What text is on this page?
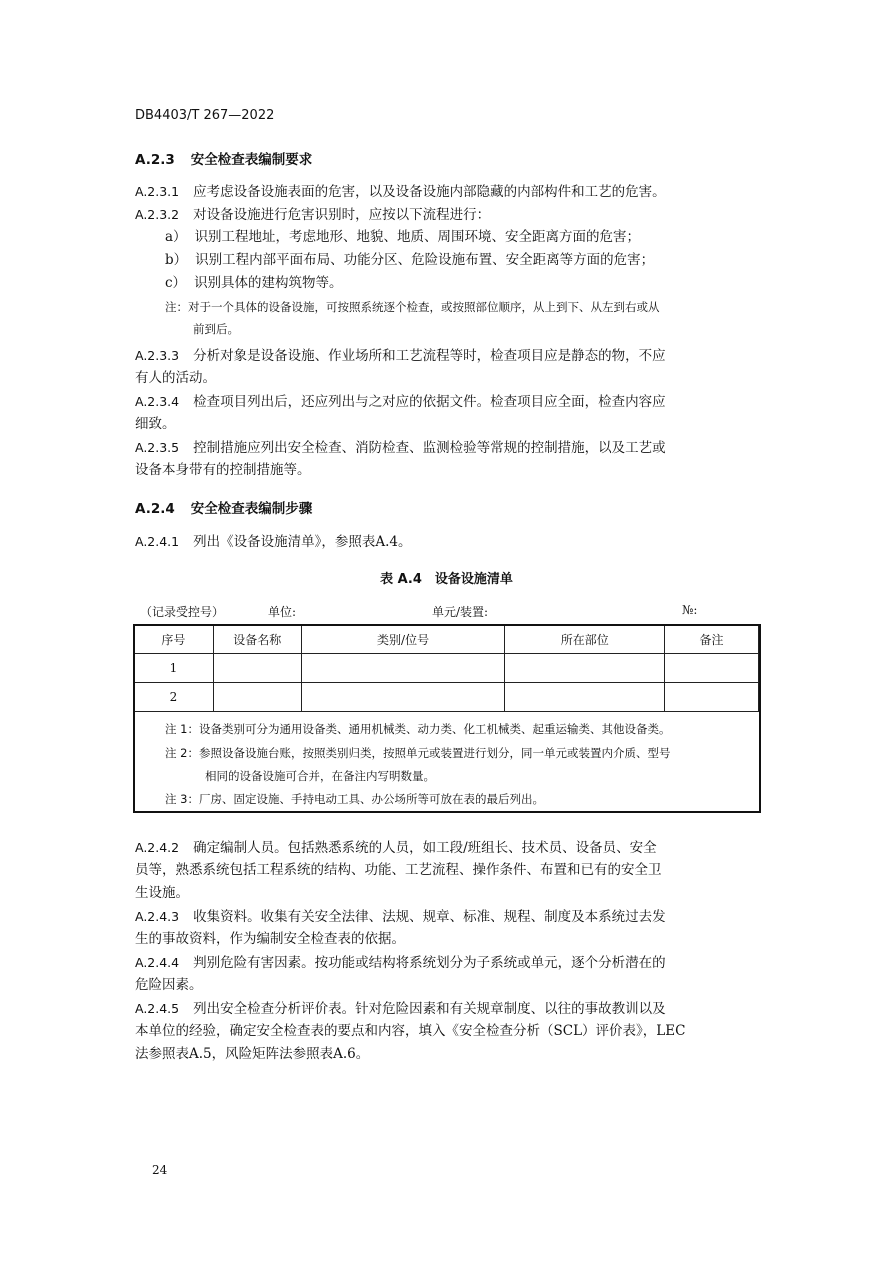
DB4403/T 267—2022
A.2.3 安全检查表编制要求
A.2.3.1 应考虑设备设施表面的危害，以及设备设施内部隐藏的内部构件和工艺的危害。
A.2.3.2 对设备设施进行危害识别时，应按以下流程进行：
a） 识别工程地址，考虑地形、地貌、地质、周围环境、安全距离方面的危害；
b） 识别工程内部平面布局、功能分区、危险设施布置、安全距离等方面的危害；
c） 识别具体的建构筑物等。
注：对于一个具体的设备设施，可按照系统逐个检查，或按照部位顺序，从上到下、从左到右或从
前到后。
A.2.3.3 分析对象是设备设施、作业场所和工艺流程等时，检查项目应是静态的物，不应
有人的活动。
A.2.3.4 检查项目列出后，还应列出与之对应的依据文件。检查项目应全面，检查内容应
细致。
A.2.3.5 控制措施应列出安全检查、消防检查、监测检验等常规的控制措施，以及工艺或
设备本身带有的控制措施等。
A.2.4 安全检查表编制步骤
A.2.4.1 列出《设备设施清单》，参照表A.4。
表 A.4　设备设施清单
（记录受控号）	单位:	单元/装置:	№:
序号	设备名称	类别/位号	所在部位	备注
1				
2				
注 1：设备类别可分为通用设备类、通用机械类、动力类、化工机械类、起重运输类、其他设备类。
注 2：参照设备设施台账，按照类别归类，按照单元或装置进行划分，同一单元或装置内介质、型号
相同的设备设施可合并，在备注内写明数量。
注 3：厂房、固定设施、手持电动工具、办公场所等可放在表的最后列出。
A.2.4.2 确定编制人员。包括熟悉系统的人员，如工段/班组长、技术员、设备员、安全
员等，熟悉系统包括工程系统的结构、功能、工艺流程、操作条件、布置和已有的安全卫
生设施。
A.2.4.3 收集资料。收集有关安全法律、法规、规章、标准、规程、制度及本系统过去发
生的事故资料，作为编制安全检查表的依据。
A.2.4.4 判别危险有害因素。按功能或结构将系统划分为子系统或单元，逐个分析潜在的
危险因素。
A.2.4.5 列出安全检查分析评价表。针对危险因素和有关规章制度、以往的事故教训以及
本单位的经验，确定安全检查表的要点和内容，填入《安全检查分析（SCL）评价表》，LEC
法参照表A.5，风险矩阵法参照表A.6。
24
